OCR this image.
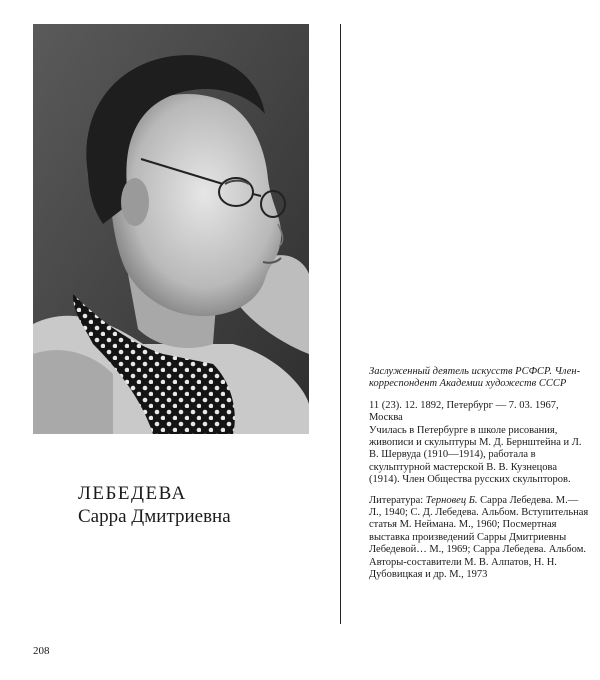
ЛЕБЕДЕВА
Сарра Дмитриевна
Заслуженный деятель искусств РСФСР. Член-корреспондент Академии художеств СССР
11 (23). 12. 1892, Петербург — 7. 03. 1967, Москва
Училась в Петербурге в школе рисования, живописи и скульптуры М. Д. Бернштейна и Л. В. Шервуда (1910—1914), работала в скульптурной мастерской В. В. Кузнецова (1914). Член Общества русских скульпторов.
Литература: Терновец Б. Сарра Лебедева. М.—Л., 1940; С. Д. Лебедева. Альбом. Вступительная статья М. Неймана. М., 1960; Посмертная выставка произведений Сарры Дмитриевны Лебедевой… М., 1969; Сарра Лебедева. Альбом. Авторы-составители М. В. Алпатов, Н. Н. Дубовицкая и др. М., 1973
208
